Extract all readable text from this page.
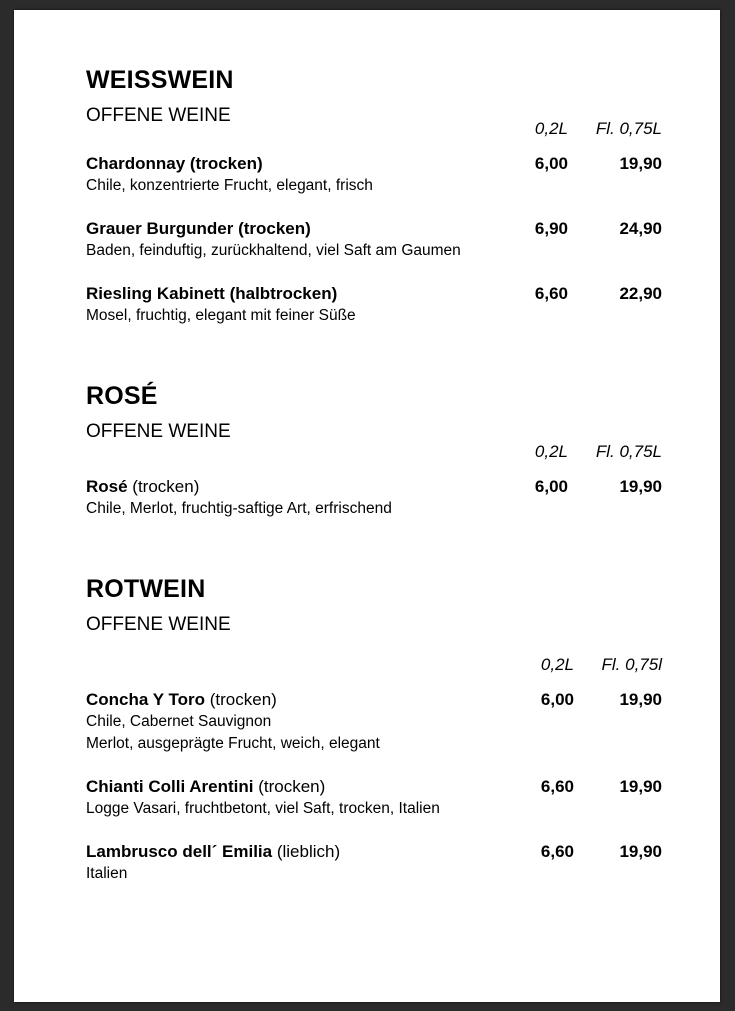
WEISSWEIN
OFFENE WEINE
0,2L Fl. 0,75L
Chardonnay (trocken)
Chile, konzentrierte Frucht, elegant, frisch
6,00	19,90
Grauer Burgunder (trocken)
Baden, feinduftig, zurückhaltend, viel Saft am Gaumen
6,90	24,90
Riesling Kabinett (halbtrocken)
Mosel, fruchtig, elegant mit feiner Süße
6,60	22,90
ROSÉ
OFFENE WEINE
0,2L Fl. 0,75L
Rosé (trocken)
Chile, Merlot, fruchtig-saftige Art, erfrischend
6,00	19,90
ROTWEIN
OFFENE WEINE
0,2L Fl. 0,75l
Concha Y Toro (trocken)
Chile, Cabernet Sauvignon
Merlot, ausgeprägte Frucht, weich, elegant
6,00	19,90
Chianti Colli Arentini (trocken)
Logge Vasari, fruchtbetont, viel Saft, trocken, Italien
6,60	19,90
Lambrusco dell´ Emilia (lieblich)
Italien
6,60	19,90
